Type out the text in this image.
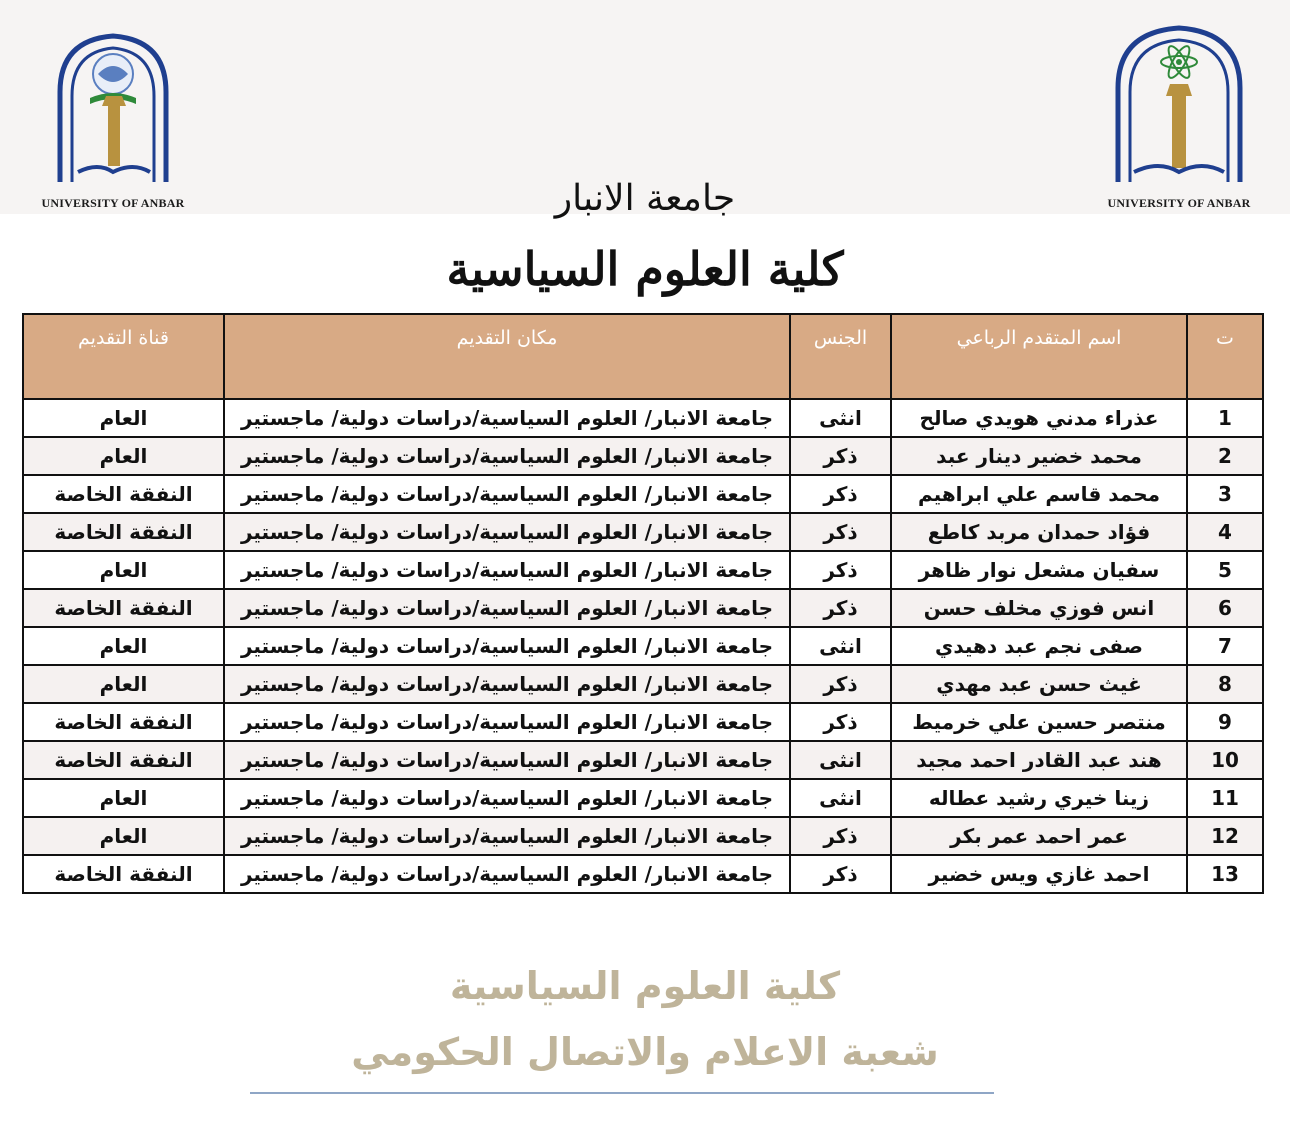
UNIVERSITY OF ANBAR	UNIVERSITY OF ANBAR
جامعة الانبار
كلية العلوم السياسية
ت	اسم المتقدم الرباعي	الجنس	مكان التقديم	قناة التقديم
1	عذراء مدني هويدي صالح	انثى	جامعة الانبار/ العلوم السياسية/دراسات دولية/ ماجستير	العام
2	محمد خضير دينار عبد	ذكر	جامعة الانبار/ العلوم السياسية/دراسات دولية/ ماجستير	العام
3	محمد قاسم علي ابراهيم	ذكر	جامعة الانبار/ العلوم السياسية/دراسات دولية/ ماجستير	النفقة الخاصة
4	فؤاد حمدان مربد كاطع	ذكر	جامعة الانبار/ العلوم السياسية/دراسات دولية/ ماجستير	النفقة الخاصة
5	سفيان مشعل نوار ظاهر	ذكر	جامعة الانبار/ العلوم السياسية/دراسات دولية/ ماجستير	العام
6	انس فوزي مخلف حسن	ذكر	جامعة الانبار/ العلوم السياسية/دراسات دولية/ ماجستير	النفقة الخاصة
7	صفى نجم عبد دهيدي	انثى	جامعة الانبار/ العلوم السياسية/دراسات دولية/ ماجستير	العام
8	غيث حسن عبد مهدي	ذكر	جامعة الانبار/ العلوم السياسية/دراسات دولية/ ماجستير	العام
9	منتصر حسين علي خرميط	ذكر	جامعة الانبار/ العلوم السياسية/دراسات دولية/ ماجستير	النفقة الخاصة
10	هند عبد القادر احمد مجيد	انثى	جامعة الانبار/ العلوم السياسية/دراسات دولية/ ماجستير	النفقة الخاصة
11	زينا خيري رشيد عطاله	انثى	جامعة الانبار/ العلوم السياسية/دراسات دولية/ ماجستير	العام
12	عمر احمد عمر بكر	ذكر	جامعة الانبار/ العلوم السياسية/دراسات دولية/ ماجستير	العام
13	احمد غازي ويس خضير	ذكر	جامعة الانبار/ العلوم السياسية/دراسات دولية/ ماجستير	النفقة الخاصة
كلية العلوم السياسية
شعبة الاعلام والاتصال الحكومي
